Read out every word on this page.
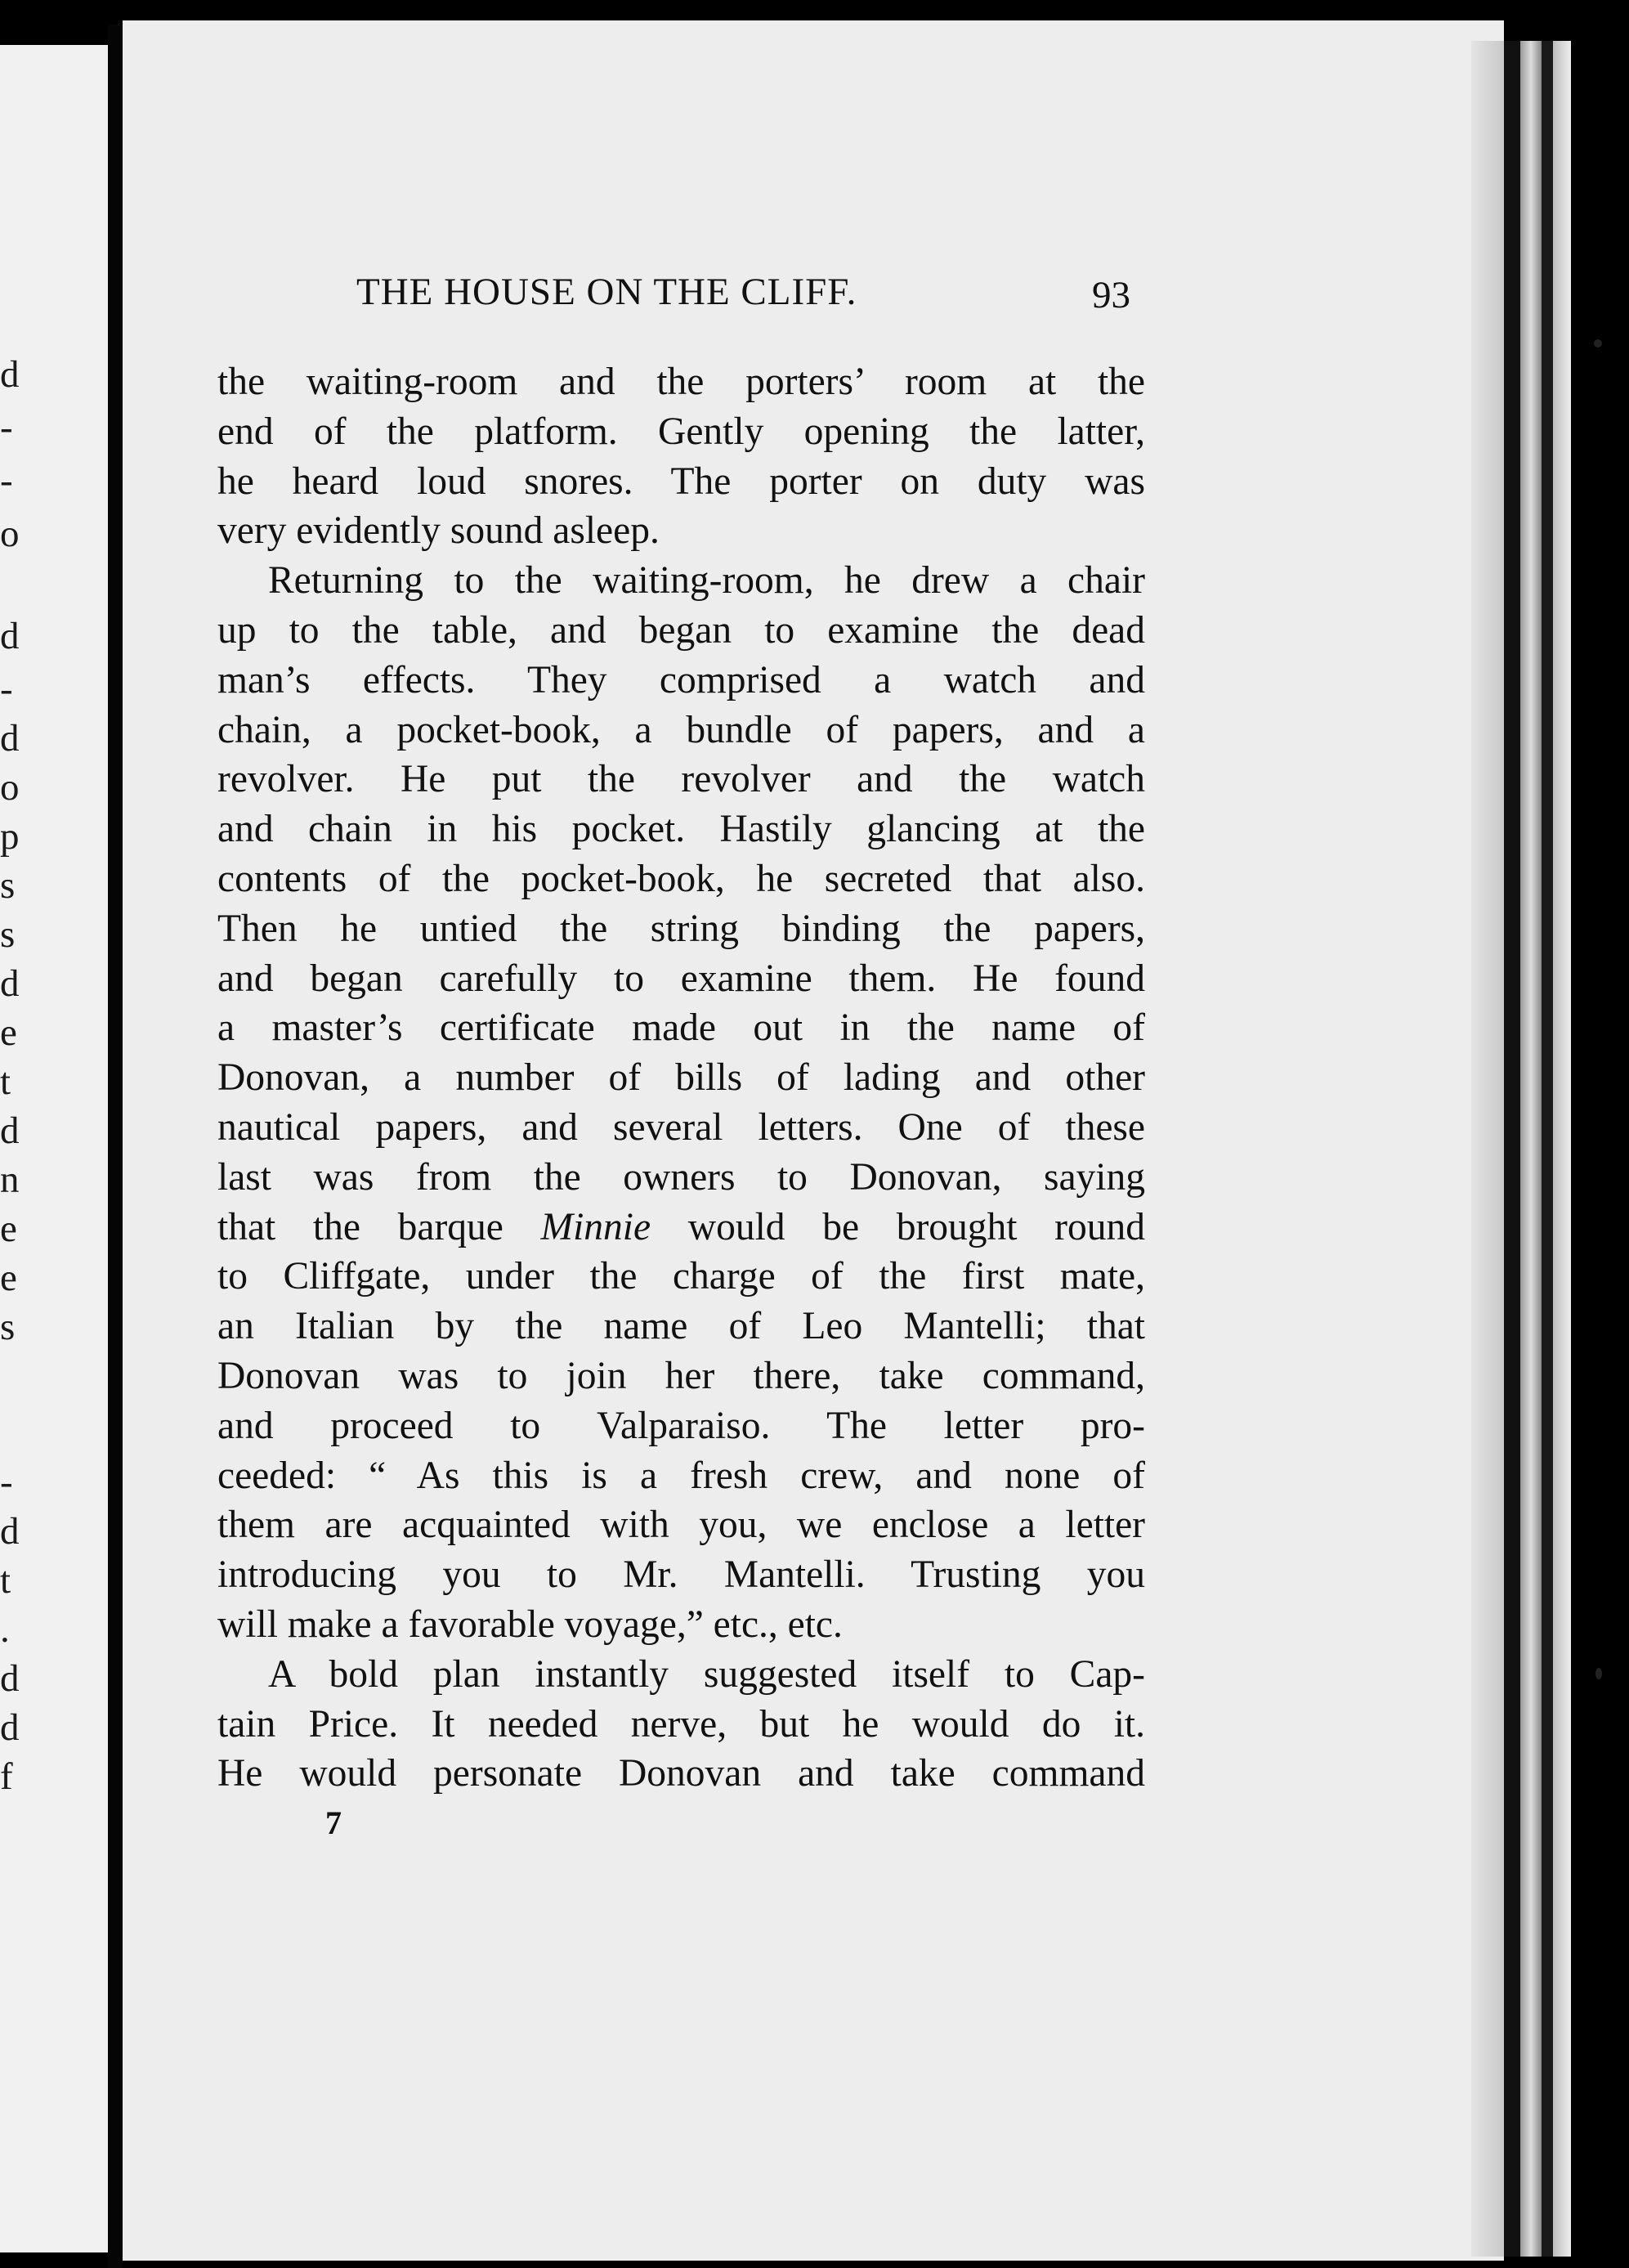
d
-
-
o
d
-
d
o
p
s
s
d
e
t
d
n
e
e
s
-
d
t
.
d
d
f
THE HOUSE ON THE CLIFF.	93
the waiting-room and the porters’ room at the
end of the platform. Gently opening the latter,
he heard loud snores. The porter on duty was
very evidently sound asleep.
Returning to the waiting-room, he drew a chair
up to the table, and began to examine the dead
man’s effects. They comprised a watch and
chain, a pocket-book, a bundle of papers, and a
revolver. He put the revolver and the watch
and chain in his pocket. Hastily glancing at the
contents of the pocket-book, he secreted that also.
Then he untied the string binding the papers,
and began carefully to examine them. He found
a master’s certificate made out in the name of
Donovan, a number of bills of lading and other
nautical papers, and several letters. One of these
last was from the owners to Donovan, saying
that the barque Minnie would be brought round
to Cliffgate, under the charge of the first mate,
an Italian by the name of Leo Mantelli; that
Donovan was to join her there, take command,
and proceed to Valparaiso. The letter pro-
ceeded: “ As this is a fresh crew, and none of
them are acquainted with you, we enclose a letter
introducing you to Mr. Mantelli. Trusting you
will make a favorable voyage,” etc., etc.
A bold plan instantly suggested itself to Cap-
tain Price. It needed nerve, but he would do it.
He would personate Donovan and take command
7
